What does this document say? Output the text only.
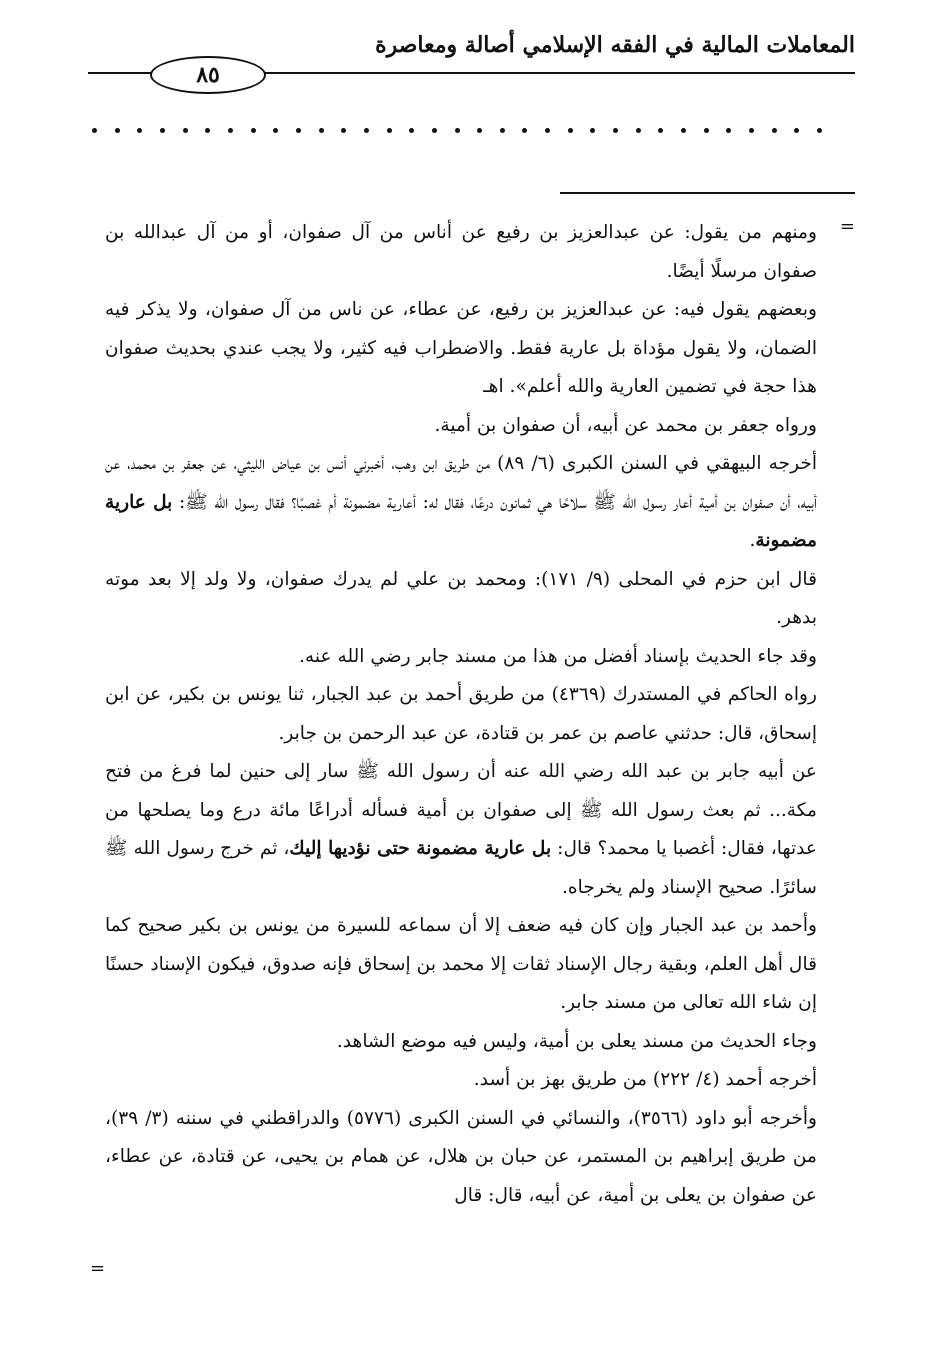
المعاملات المالية في الفقه الإسلامي أصالة ومعاصرة
٨٥
=

ومنهم من يقول: عن عبدالعزيز بن رفيع عن أناس من آل صفوان، أو من آل عبدالله بن صفوان مرسلًا أيضًا.

وبعضهم يقول فيه: عن عبدالعزيز بن رفيع، عن عطاء، عن ناس من آل صفوان، ولا يذكر فيه الضمان، ولا يقول مؤداة بل عارية فقط. والاضطراب فيه كثير، ولا يجب عندي بحديث صفوان هذا حجة في تضمين العارية والله أعلم». اهـ

ورواه جعفر بن محمد عن أبيه، أن صفوان بن أمية.

أخرجه البيهقي في السنن الكبرى (٦/ ٨٩) من طريق ابن وهب، أخبرني أنس بن عياض الليثي، عن جعفر بن محمد، عن أبيه، أن صفوان بن أمية أعار رسول الله ﷺ سلاحًا هي ثمانون درعًا، فقال له: أعارية مضمونة أم غصبًا؟ فقال رسول الله ﷺ: بل عارية مضمونة.

قال ابن حزم في المحلى (٩/ ١٧١): ومحمد بن علي لم يدرك صفوان، ولا ولد إلا بعد موته بدهر.

وقد جاء الحديث بإسناد أفضل من هذا من مسند جابر رضي الله عنه.

رواه الحاكم في المستدرك (٤٣٦٩) من طريق أحمد بن عبد الجبار، ثنا يونس بن بكير، عن ابن إسحاق، قال: حدثني عاصم بن عمر بن قتادة، عن عبد الرحمن بن جابر.

عن أبيه جابر بن عبد الله رضي الله عنه أن رسول الله ﷺ سار إلى حنين لما فرغ من فتح مكة... ثم بعث رسول الله ﷺ إلى صفوان بن أمية فسأله أدراعًا مائة درع وما يصلحها من عدتها، فقال: أغصبا يا محمد؟ قال: بل عارية مضمونة حتى نؤديها إليك، ثم خرج رسول الله ﷺ سائرًا. صحيح الإسناد ولم يخرجاه.

وأحمد بن عبد الجبار وإن كان فيه ضعف إلا أن سماعه للسيرة من يونس بن بكير صحيح كما قال أهل العلم، وبقية رجال الإسناد ثقات إلا محمد بن إسحاق فإنه صدوق، فيكون الإسناد حسنًا إن شاء الله تعالى من مسند جابر.

وجاء الحديث من مسند يعلى بن أمية، وليس فيه موضع الشاهد.

أخرجه أحمد (٤/ ٢٢٢) من طريق بهز بن أسد.

وأخرجه أبو داود (٣٥٦٦)، والنسائي في السنن الكبرى (٥٧٧٦) والدراقطني في سننه (٣/ ٣٩)، من طريق إبراهيم بن المستمر، عن حبان بن هلال، عن همام بن يحيى، عن قتادة، عن عطاء، عن صفوان بن يعلى بن أمية، عن أبيه، قال: قال

=
